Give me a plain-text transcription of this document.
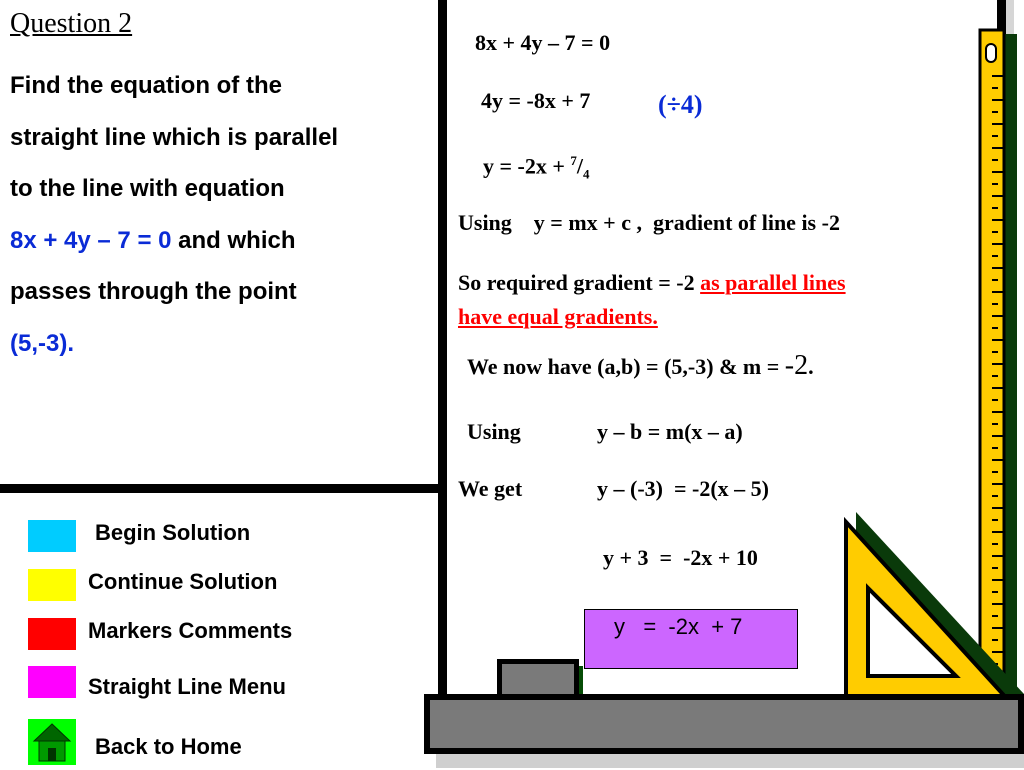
Question 2
Find the equation of the
straight line which is parallel
to the line with equation
8x + 4y – 7 = 0 and which
passes through the point
(5,-3).
Begin Solution
Continue Solution
Markers Comments
Straight Line Menu
Back to Home
8x + 4y – 7 = 0
4y = -8x + 7	(÷4)
$y = -2x + ^7/_4$
Using y = mx + c ,  gradient of line is -2
So required gradient = -2 as parallel lines
have equal gradients.
We now have (a,b) = (5,-3) & m = -2.
Using	y – b = m(x – a)
We get	y – (-3)  = -2(x – 5)
y + 3  =  -2x + 10
y   =  -2x  + 7
